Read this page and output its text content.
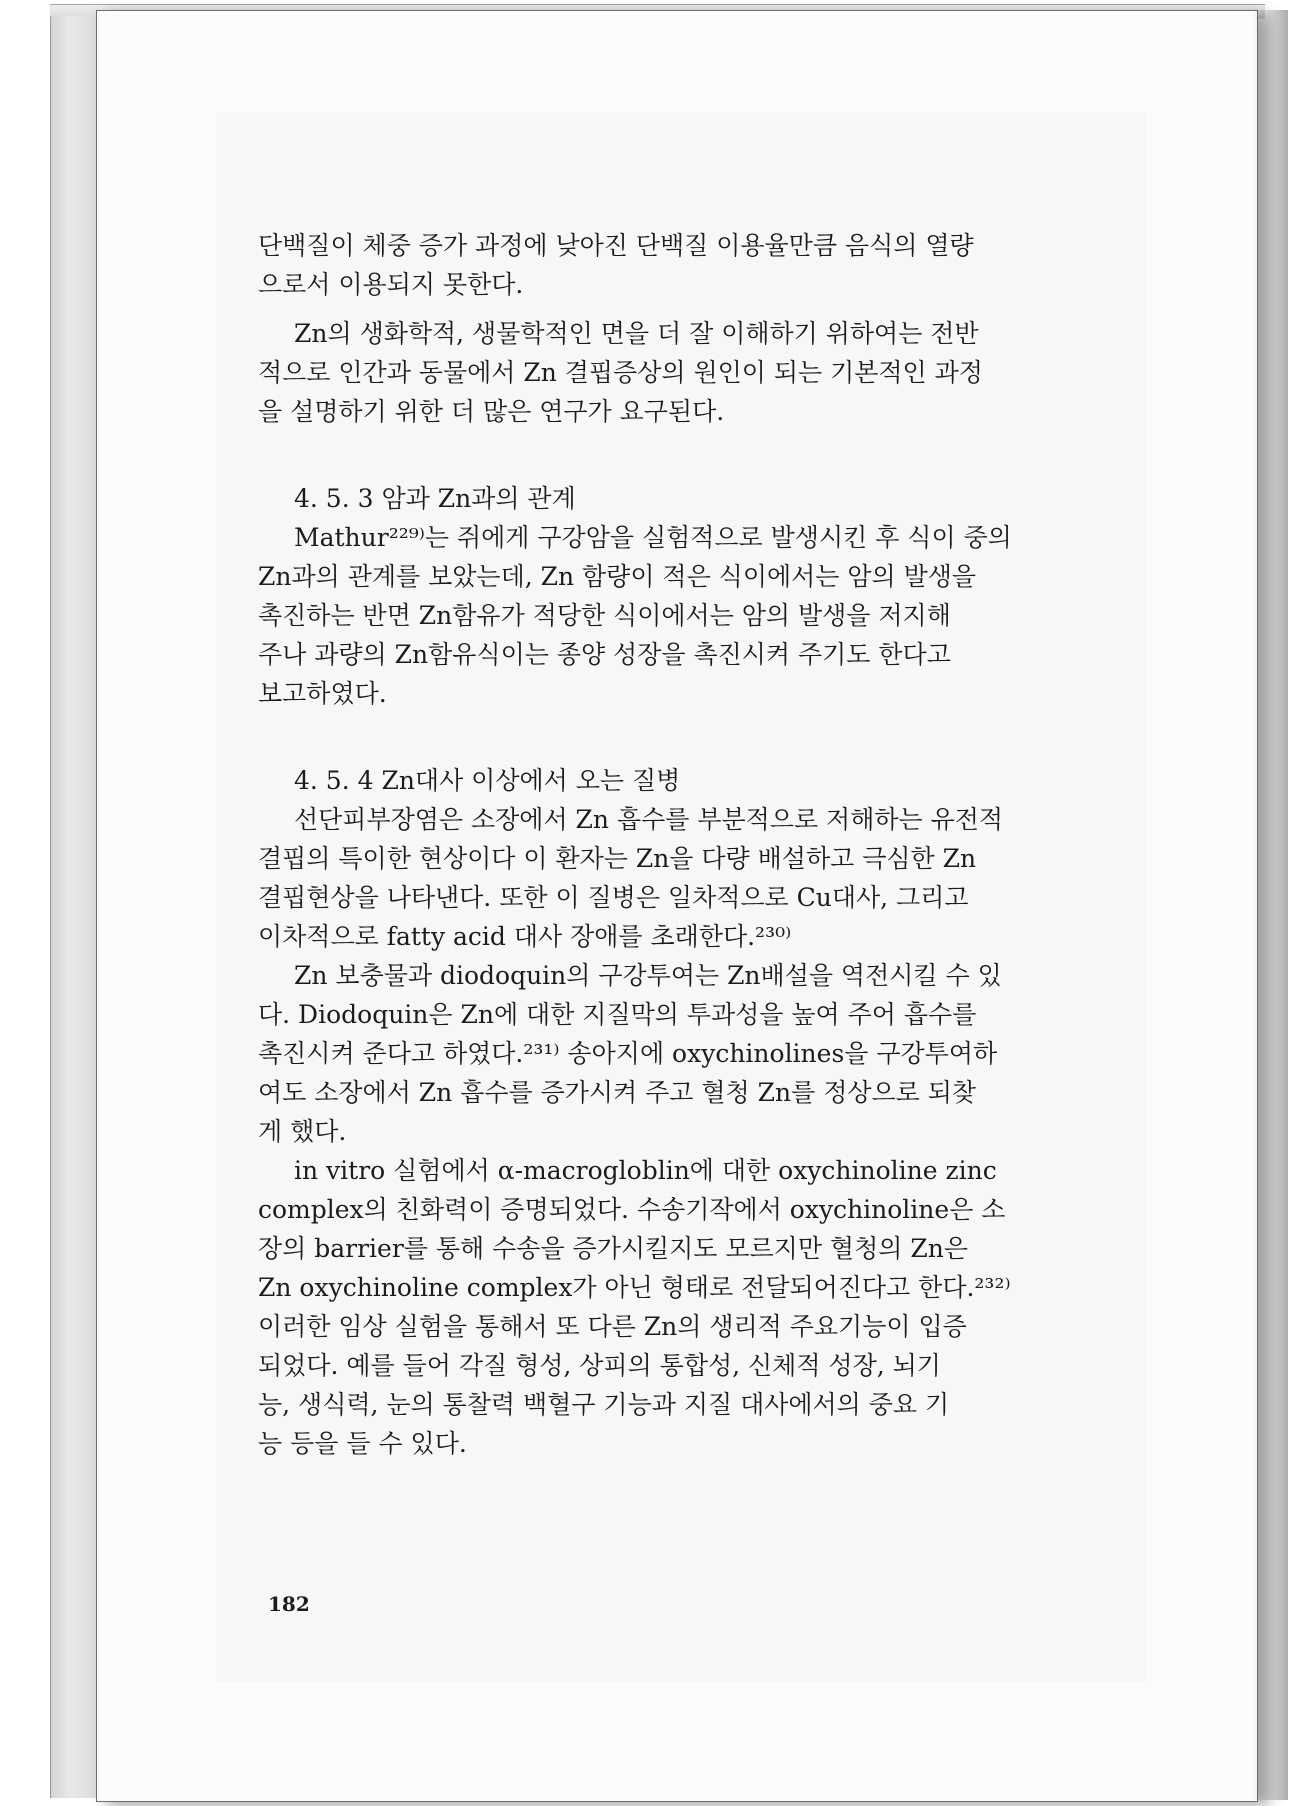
단백질이 체중 증가 과정에 낮아진 단백질 이용율만큼 음식의 열량
으로서 이용되지 못한다.
Zn의 생화학적, 생물학적인 면을 더 잘 이해하기 위하여는 전반
적으로 인간과 동물에서 Zn 결핍증상의 원인이 되는 기본적인 과정
을 설명하기 위한 더 많은 연구가 요구된다.
4. 5. 3 암과 Zn과의 관계
Mathur²²⁹⁾는 쥐에게 구강암을 실험적으로 발생시킨 후 식이 중의
Zn과의 관계를 보았는데, Zn 함량이 적은 식이에서는 암의 발생을
촉진하는 반면 Zn함유가 적당한 식이에서는 암의 발생을 저지해
주나 과량의 Zn함유식이는 종양 성장을 촉진시켜 주기도 한다고
보고하였다.
4. 5. 4 Zn대사 이상에서 오는 질병
선단피부장염은 소장에서 Zn 흡수를 부분적으로 저해하는 유전적
결핍의 특이한 현상이다 이 환자는 Zn을 다량 배설하고 극심한 Zn
결핍현상을 나타낸다. 또한 이 질병은 일차적으로 Cu대사, 그리고
이차적으로 fatty acid 대사 장애를 초래한다.²³⁰⁾
Zn 보충물과 diodoquin의 구강투여는 Zn배설을 역전시킬 수 있
다. Diodoquin은 Zn에 대한 지질막의 투과성을 높여 주어 흡수를
촉진시켜 준다고 하였다.²³¹⁾ 송아지에 oxychinolines을 구강투여하
여도 소장에서 Zn 흡수를 증가시켜 주고 혈청 Zn를 정상으로 되찾
게 했다.
in vitro 실험에서 α-macrogloblin에 대한 oxychinoline zinc
complex의 친화력이 증명되었다. 수송기작에서 oxychinoline은 소
장의 barrier를 통해 수송을 증가시킬지도 모르지만 혈청의 Zn은
Zn oxychinoline complex가 아닌 형태로 전달되어진다고 한다.²³²⁾
이러한 임상 실험을 통해서 또 다른 Zn의 생리적 주요기능이 입증
되었다. 예를 들어 각질 형성, 상피의 통합성, 신체적 성장, 뇌기
능, 생식력, 눈의 통찰력 백혈구 기능과 지질 대사에서의 중요 기
능 등을 들 수 있다.
182
